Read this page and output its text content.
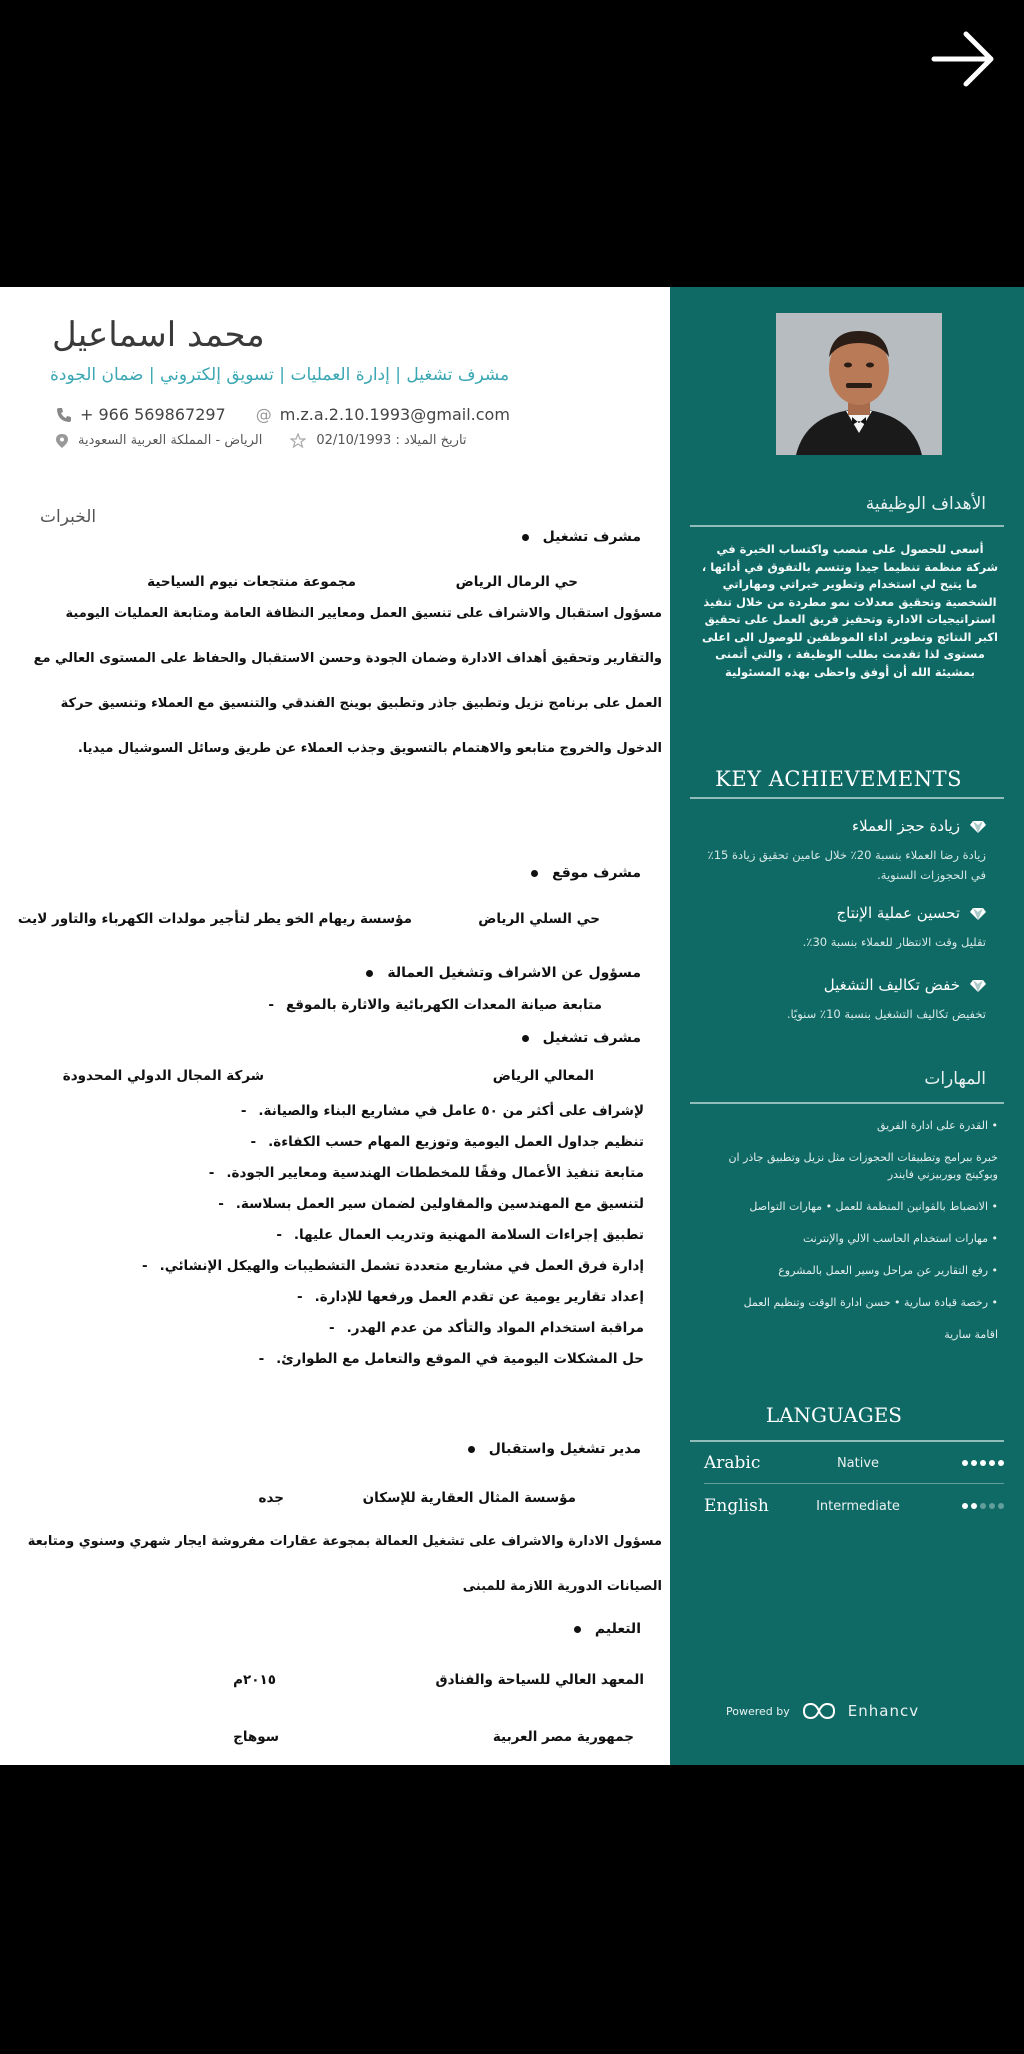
محمد اسماعيل
مشرف تشغيل | إدارة العمليات | تسويق إلكتروني | ضمان الجودة
+ 966 569867297 @ m.z.a.2.10.1993@gmail.com
الرياض - المملكة العربية السعودية	تاريخ الميلاد : 02/10/1993
الخبرات
مشرف تشغيل
حي الرمال الرياض
مجموعة منتجعات نيوم السياحية
مسؤول استقبال والاشراف على تنسيق العمل ومعايير النظافة العامة ومتابعة العمليات اليومية والتقارير وتحقيق أهداف الادارة وضمان الجودة وحسن الاستقبال والحفاظ على المستوى العالي مع العمل على برنامج نزيل وتطبيق جاذر وتطبيق بوينج الفندقي والتنسيق مع العملاء وتنسيق حركة الدخول والخروج متابعو والاهتمام بالتسويق وجذب العملاء عن طريق وسائل السوشيال ميديا.
مشرف موقع
حي السلي الرياض
مؤسسة ريهام الخو يطر لتأجير مولدات الكهرباء والتاور لايت
مسؤول عن الاشراف وتشغيل العمالة
متابعة صيانة المعدات الكهربائية والاثارة بالموقع -
مشرف تشغيل
المعالي الرياض
شركة المجال الدولي المحدودة
لإشراف على أكثر من ٥٠ عامل في مشاريع البناء والصيانة. -
تنظيم جداول العمل اليومية وتوزيع المهام حسب الكفاءة. -
متابعة تنفيذ الأعمال وفقًا للمخططات الهندسية ومعايير الجودة. -
لتنسيق مع المهندسين والمقاولين لضمان سير العمل بسلاسة. -
تطبيق إجراءات السلامة المهنية وتدريب العمال عليها. -
إدارة فرق العمل في مشاريع متعددة تشمل التشطيبات والهيكل الإنشائي. -
إعداد تقارير يومية عن تقدم العمل ورفعها للإدارة. -
مراقبة استخدام المواد والتأكد من عدم الهدر. -
حل المشكلات اليومية في الموقع والتعامل مع الطوارئ. -
مدير تشغيل واستقبال
مؤسسة المثال العقارية للإسكان
جده
مسؤول الادارة والاشراف على تشغيل العمالة بمجوعة عقارات مفروشة ايجار شهري وسنوي ومتابعة الصيانات الدورية اللازمة للمبنى
التعليم
المعهد العالي للسياحة والفنادق
٢٠١٥م
جمهورية مصر العربية
سوهاج
الأهداف الوظيفية
أسعى للحصول على منصب واكتساب الخبرة في شركة منظمة تنظيما جيدا وتتسم بالتفوق في أدائها ، ما يتيح لي استخدام وتطوير خبراتي ومهاراتي الشخصية وتحقيق معدلات نمو مطردة من خلال تنفيذ استراتيجيات الادارة وتحفيز فريق العمل على تحقيق اكبر النتائج وتطوير اداء الموظفين للوصول الى اعلى مستوى لذا تقدمت بطلب الوظيفة ، والتي أتمنى بمشيئة الله أن أوفق واحظى بهذه المسئولية
KEY ACHIEVEMENTS
زيادة حجز العملاء
زيادة رضا العملاء بنسبة 20٪ خلال عامين تحقيق زيادة 15٪ في الحجوزات السنوية.
تحسين عملية الإنتاج
تقليل وقت الانتظار للعملاء بنسبة 30٪.
خفض تكاليف التشغيل
تخفيض تكاليف التشغيل بنسبة 10٪ سنويًا.
المهارات
• القدرة على ادارة الفريق
خبرة ببرامج وتطبيقات الحجوزات مثل نزيل وتطبيق جاذر ان وبوكينج وبوربيزني فايندر
• الانضباط بالقوانين المنظمة للعمل • مهارات التواصل
• مهارات استخدام الحاسب الالي والإنترنت
• رفع التقارير عن مراحل وسير العمل بالمشروع
• رخصة قيادة سارية • حسن ادارة الوقت وتنظيم العمل
اقامة سارية
LANGUAGES
Arabic	Native
English	Intermediate
Powered by	Enhancv
